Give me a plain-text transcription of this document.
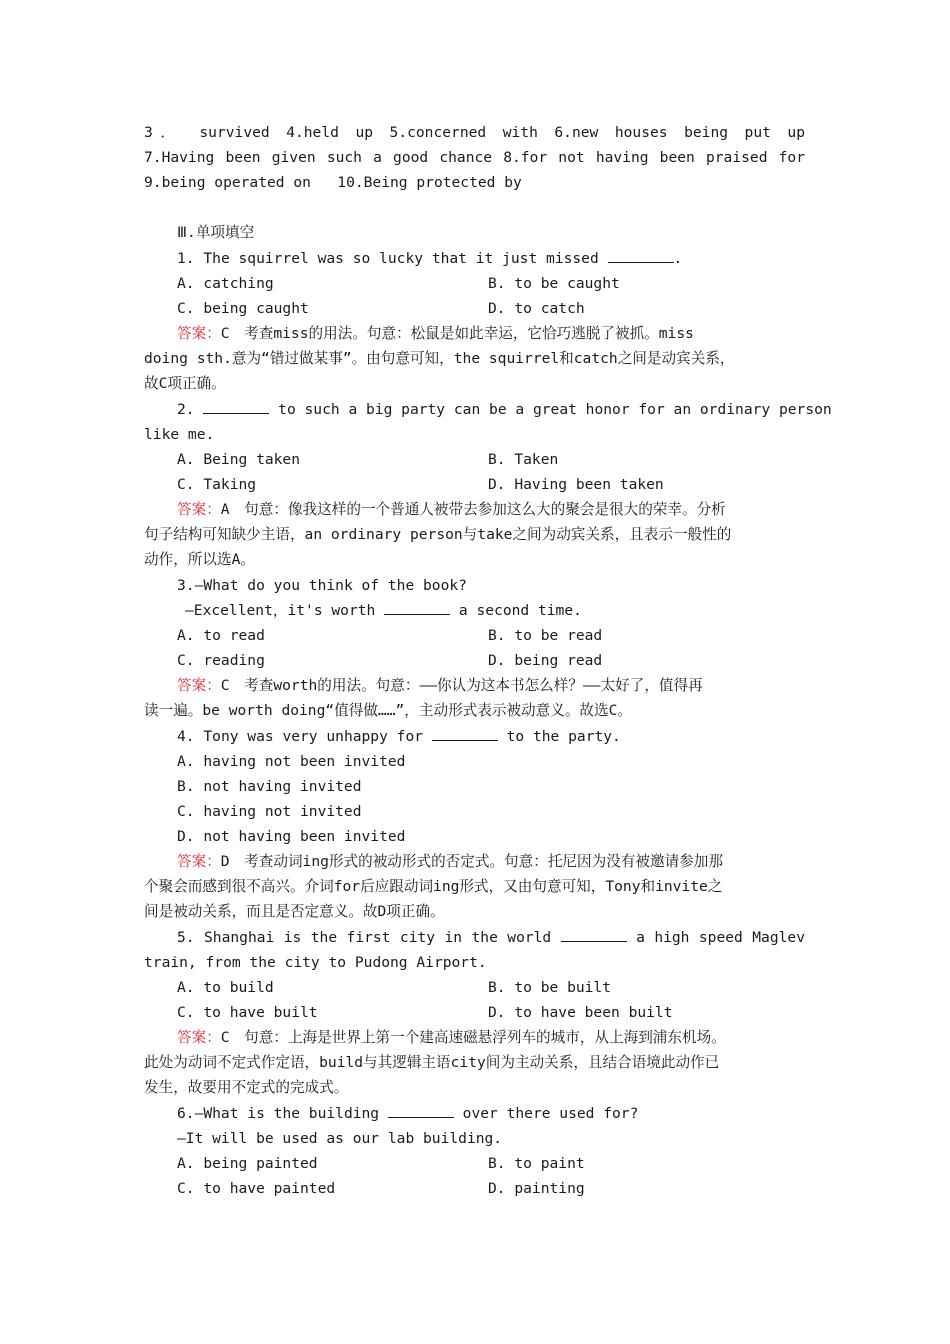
3． survived 4.held up 5.concerned with 6.new houses being put up
7.Having been given such a good chance 8.for not having been praised for
9.being operated on   10.Being protected by
Ⅲ.单项填空
1. The squirrel was so lucky that it just missed	.
A. catching	B. to be caught
C. being caught	D. to catch
答案：C　考查miss的用法。句意：松鼠是如此幸运，它恰巧逃脱了被抓。miss
doing sth.意为“错过做某事”。由句意可知，the squirrel和catch之间是动宾关系，
故C项正确。
2.	to such a big party can be a great honor for an ordinary person
like me.
A. Being taken	B. Taken
C. Taking	D. Having been taken
答案：A　句意：像我这样的一个普通人被带去参加这么大的聚会是很大的荣幸。分析
句子结构可知缺少主语，an ordinary person与take之间为动宾关系，且表示一般性的
动作，所以选A。
3.—What do you think of the book?
—Excellent，it's worth	a second time.
A. to read	B. to be read
C. reading	D. being read
答案：C　考查worth的用法。句意：——你认为这本书怎么样？——太好了，值得再
读一遍。be worth doing“值得做……”，主动形式表示被动意义。故选C。
4. Tony was very unhappy for	to the party.
A. having not been invited
B. not having invited
C. having not invited
D. not having been invited
答案：D　考查动词ing形式的被动形式的否定式。句意：托尼因为没有被邀请参加那
个聚会而感到很不高兴。介词for后应跟动词ing形式，又由句意可知，Tony和invite之
间是被动关系，而且是否定意义。故D项正确。
5. Shanghai is the first city in the world	a high speed Maglev
train, from the city to Pudong Airport.
A. to build	B. to be built
C. to have built	D. to have been built
答案：C　句意：上海是世界上第一个建高速磁悬浮列车的城市，从上海到浦东机场。
此处为动词不定式作定语，build与其逻辑主语city间为主动关系，且结合语境此动作已
发生，故要用不定式的完成式。
6.—What is the building	over there used for?
—It will be used as our lab building.
A. being painted	B. to paint
C. to have painted	D. painting
